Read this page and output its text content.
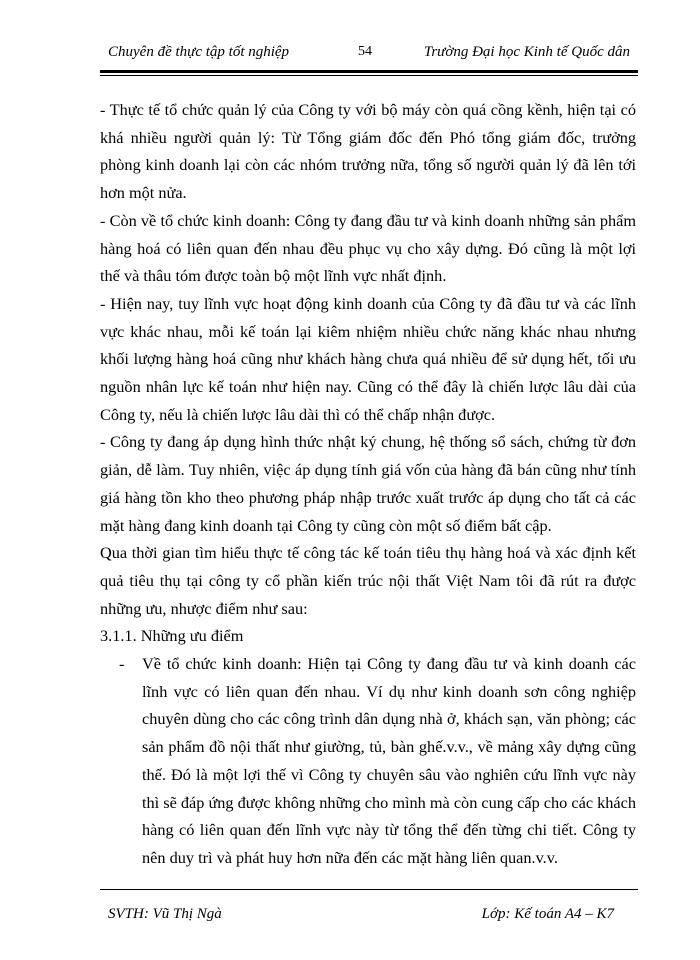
Chuyên đề thực tập tốt nghiệp	54	Trường Đại học Kinh tế Quốc dân

- Thực tế tổ chức quản lý của Công ty với bộ máy còn quá cồng kềnh, hiện tại có khá nhiều người quản lý: Từ Tổng giám đốc đến Phó tổng giám đốc, trưởng phòng kinh doanh lại còn các nhóm trưởng nữa, tổng số người quản lý đã lên tới hơn một nửa.

- Còn về tổ chức kinh doanh: Công ty đang đầu tư và kinh doanh những sản phẩm hàng hoá có liên quan đến nhau đều phục vụ cho xây dựng. Đó cũng là một lợi thế và thâu tóm được toàn bộ một lĩnh vực nhất định.

- Hiện nay, tuy lĩnh vực hoạt động kinh doanh của Công ty đã đầu tư và các lĩnh vực khác nhau, mỗi kế toán lại kiêm nhiệm nhiều chức năng khác nhau nhưng khối lượng hàng hoá cũng như khách hàng chưa quá nhiều để sử dụng hết, tối ưu nguồn nhân lực kế toán như hiện nay. Cũng có thể đây là chiến lược lâu dài của Công ty, nếu là chiến lược lâu dài thì có thể chấp nhận được.

- Công ty đang áp dụng hình thức nhật ký chung, hệ thống sổ sách, chứng từ đơn giản, dễ làm. Tuy nhiên, việc áp dụng tính giá vốn của hàng đã bán cũng như tính giá hàng tồn kho theo phương pháp nhập trước xuất trước áp dụng cho tất cả các mặt hàng đang kinh doanh tại Công ty cũng còn một số điểm bất cập.

Qua thời gian tìm hiểu thực tế công tác kế toán tiêu thụ hàng hoá và xác định kết quả tiêu thụ tại công ty cổ phần kiến trúc nội thất Việt Nam tôi đã rút ra được những ưu, nhược điểm như sau:

3.1.1. Những ưu điểm

- Về tổ chức kinh doanh: Hiện tại Công ty đang đầu tư và kinh doanh các lĩnh vực có liên quan đến nhau. Ví dụ như kinh doanh sơn công nghiệp chuyên dùng cho các công trình dân dụng nhà ở, khách sạn, văn phòng; các sản phẩm đồ nội thất như giường, tủ, bàn ghế.v.v., về mảng xây dựng cũng thế. Đó là một lợi thế vì Công ty chuyên sâu vào nghiên cứu lĩnh vực này thì sẽ đáp ứng được không những cho mình mà còn cung cấp cho các khách hàng có liên quan đến lĩnh vực này từ tổng thể đến từng chi tiết. Công ty nên duy trì và phát huy hơn nữa đến các mặt hàng liên quan.v.v.
SVTH: Vũ Thị Ngà	Lớp: Kế toán A4 – K7
